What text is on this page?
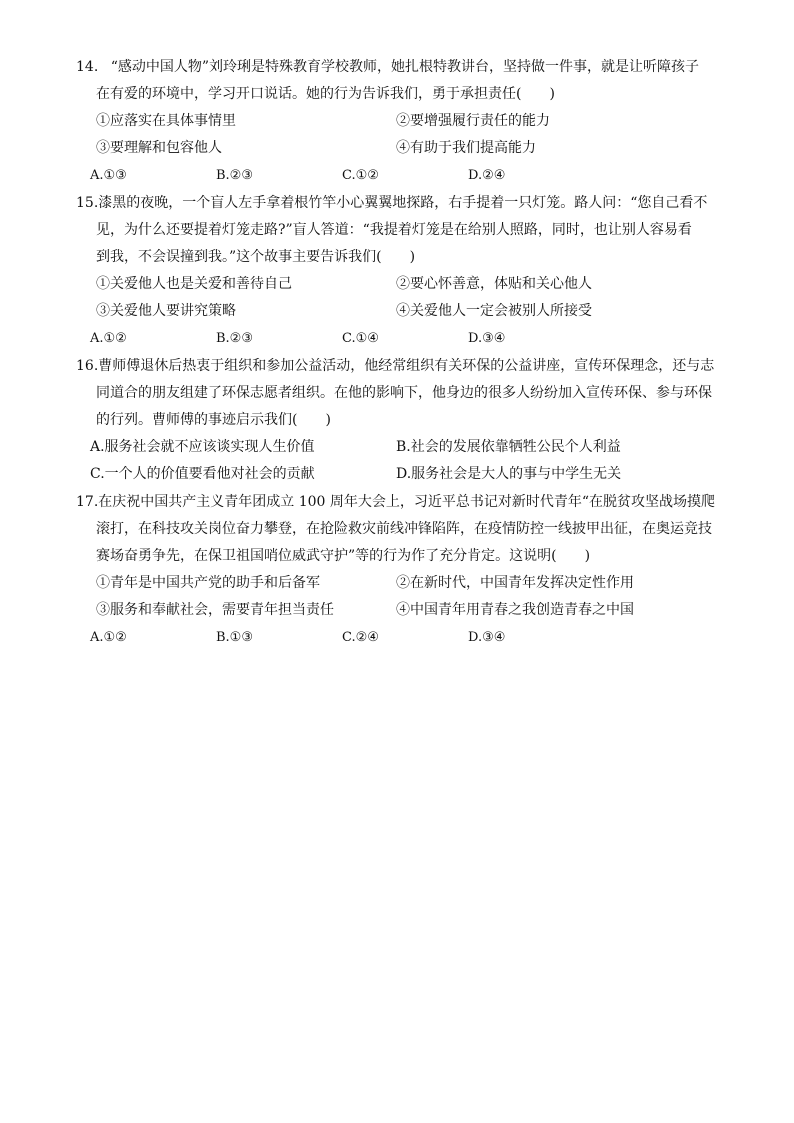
14. “感动中国人物”刘玲琍是特殊教育学校教师，她扎根特教讲台，坚持做一件事，就是让听障孩子
在有爱的环境中，学习开口说话。她的行为告诉我们，勇于承担责任(　　)
①应落实在具体事情里	②要增强履行责任的能力
③要理解和包容他人	④有助于我们提高能力
A.①③	B.②③	C.①②	D.②④
15.漆黑的夜晚，一个盲人左手拿着根竹竿小心翼翼地探路，右手提着一只灯笼。路人问：“您自己看不
见，为什么还要提着灯笼走路?”盲人答道：“我提着灯笼是在给别人照路，同时，也让别人容易看
到我，不会误撞到我。”这个故事主要告诉我们(　　)
①关爱他人也是关爱和善待自己	②要心怀善意，体贴和关心他人
③关爱他人要讲究策略	④关爱他人一定会被别人所接受
A.①②	B.②③	C.①④	D.③④
16.曹师傅退休后热衷于组织和参加公益活动，他经常组织有关环保的公益讲座，宣传环保理念，还与志
同道合的朋友组建了环保志愿者组织。在他的影响下，他身边的很多人纷纷加入宣传环保、参与环保
的行列。曹师傅的事迹启示我们(　　)
A.服务社会就不应该谈实现人生价值	B.社会的发展依靠牺牲公民个人利益
C.一个人的价值要看他对社会的贡献	D.服务社会是大人的事与中学生无关
17.在庆祝中国共产主义青年团成立 100 周年大会上，习近平总书记对新时代青年“在脱贫攻坚战场摸爬
滚打，在科技攻关岗位奋力攀登，在抢险救灾前线冲锋陷阵，在疫情防控一线披甲出征，在奥运竞技
赛场奋勇争先，在保卫祖国哨位威武守护”等的行为作了充分肯定。这说明(　　)
①青年是中国共产党的助手和后备军	②在新时代，中国青年发挥决定性作用
③服务和奉献社会，需要青年担当责任	④中国青年用青春之我创造青春之中国
A.①②	B.①③	C.②④	D.③④
